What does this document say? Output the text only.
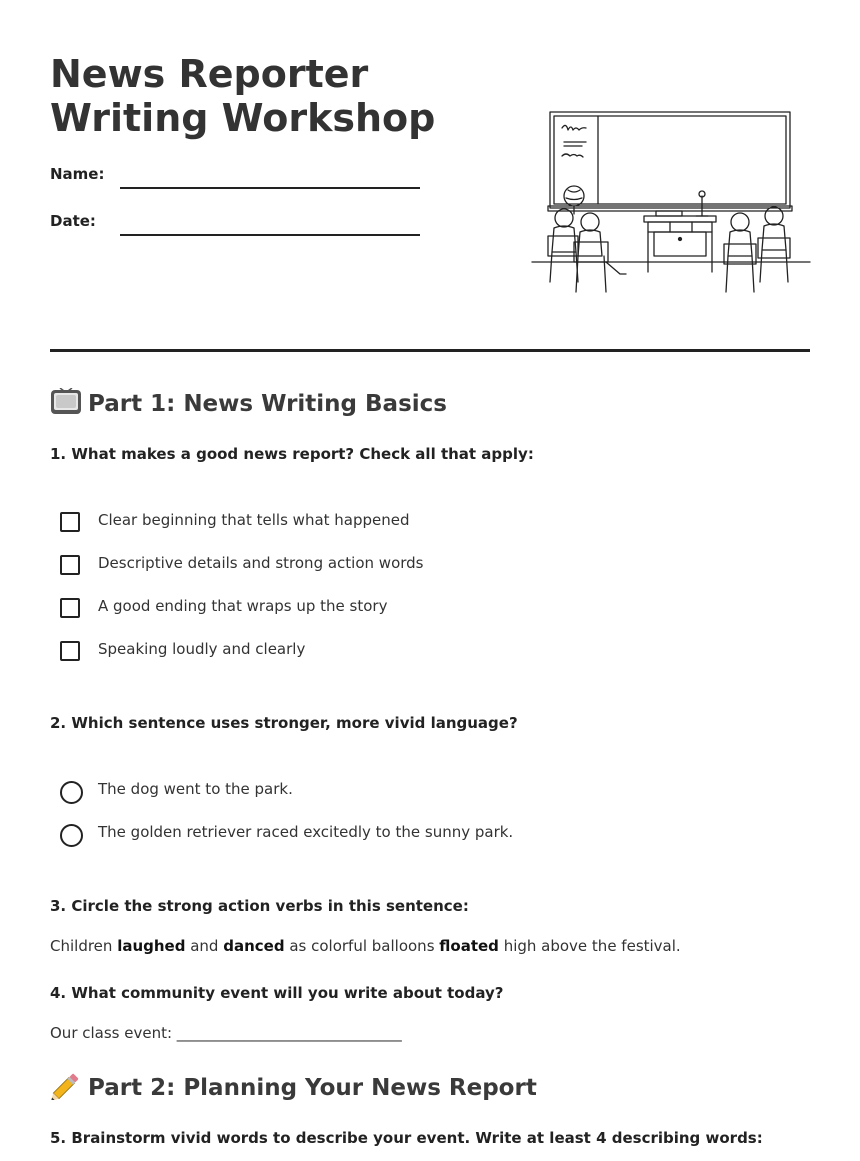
News Reporter Writing Workshop
Name:
Date:
Part 1: News Writing Basics
1. What makes a good news report? Check all that apply:
Clear beginning that tells what happened
Descriptive details and strong action words
A good ending that wraps up the story
Speaking loudly and clearly
2. Which sentence uses stronger, more vivid language?
The dog went to the park.
The golden retriever raced excitedly to the sunny park.
3. Circle the strong action verbs in this sentence:
Children laughed and danced as colorful balloons floated high above the festival.
4. What community event will you write about today?
Our class event: ______________________________
Part 2: Planning Your News Report
5. Brainstorm vivid words to describe your event. Write at least 4 describing words:
